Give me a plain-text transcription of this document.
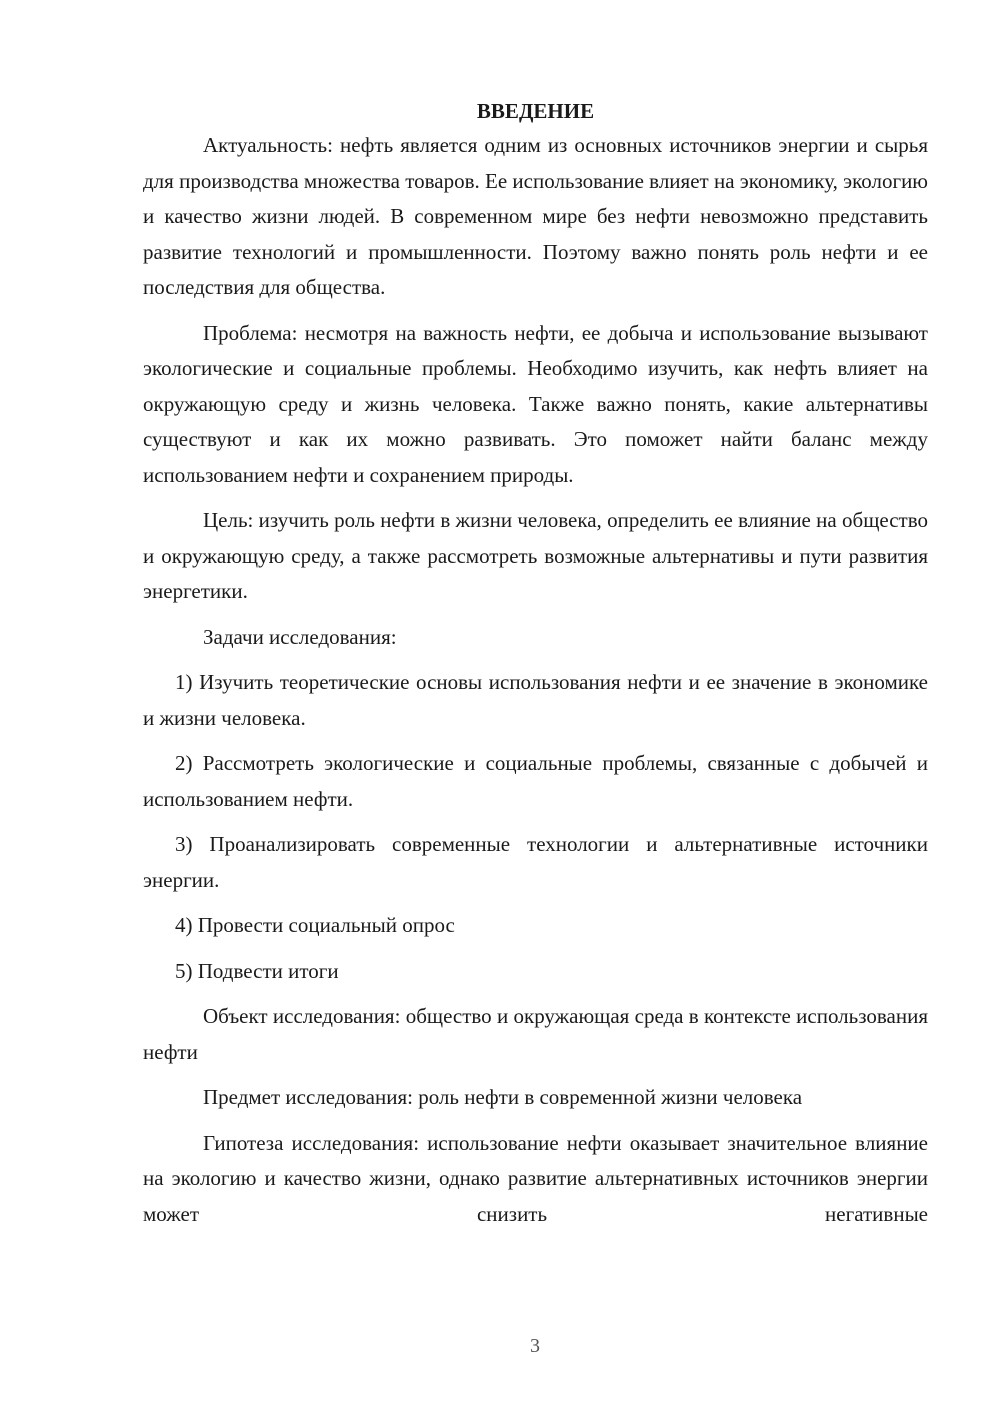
ВВЕДЕНИЕ

Актуальность: нефть является одним из основных источников энергии и сырья для производства множества товаров. Ее использование влияет на экономику, экологию и качество жизни людей. В современном мире без нефти невозможно представить развитие технологий и промышленности. Поэтому важно понять роль нефти и ее последствия для общества.

Проблема: несмотря на важность нефти, ее добыча и использование вызывают экологические и социальные проблемы. Необходимо изучить, как нефть влияет на окружающую среду и жизнь человека. Также важно понять, какие альтернативы существуют и как их можно развивать. Это поможет найти баланс между использованием нефти и сохранением природы.

Цель: изучить роль нефти в жизни человека, определить ее влияние на общество и окружающую среду, а также рассмотреть возможные альтернативы и пути развития энергетики.

Задачи исследования:

1) Изучить теоретические основы использования нефти и ее значение в экономике и жизни человека.

2) Рассмотреть экологические и социальные проблемы, связанные с добычей и использованием нефти.

3) Проанализировать современные технологии и альтернативные источники энергии.

4) Провести социальный опрос

5) Подвести итоги

Объект исследования: общество и окружающая среда в контексте использования нефти

Предмет исследования: роль нефти в современной жизни человека

Гипотеза исследования: использование нефти оказывает значительное влияние на экологию и качество жизни, однако развитие альтернативных источников энергии может снизить негативные

3
